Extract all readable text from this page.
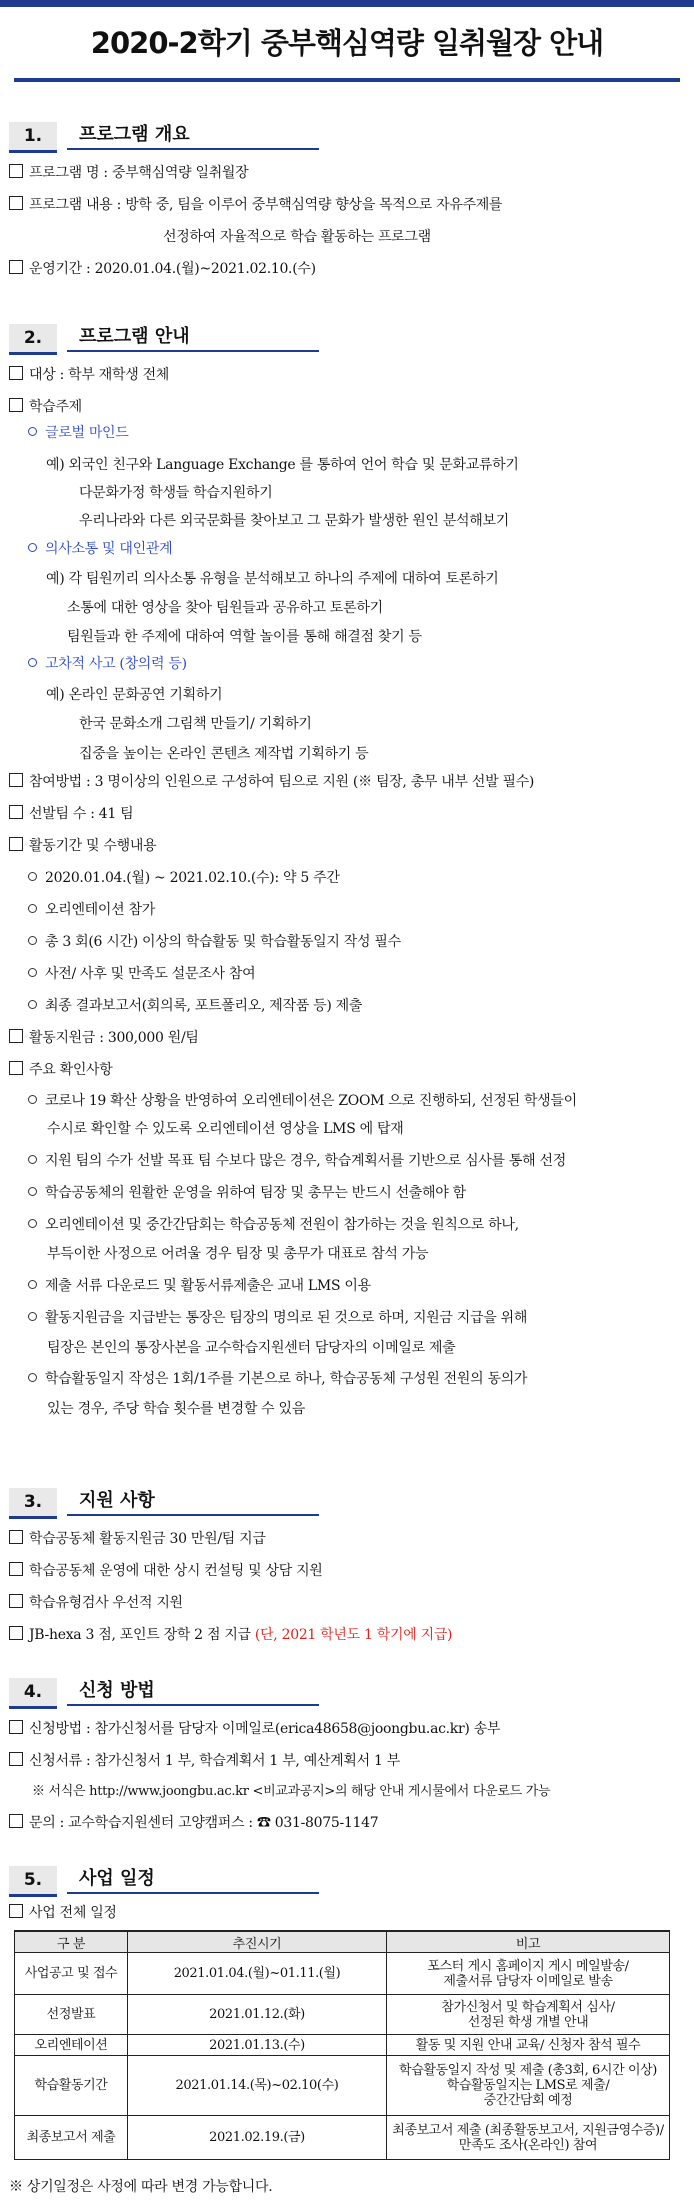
2020-2학기 중부핵심역량 일취월장 안내
1.	프로그램 개요
프로그램 명 : 중부핵심역량 일취월장
프로그램 내용 : 방학 중, 팀을 이루어 중부핵심역량 향상을 목적으로 자유주제를
선정하여 자율적으로 학습 활동하는 프로그램
운영기간 : 2020.01.04.(월)~2021.02.10.(수)
2.	프로그램 안내
대상 : 학부 재학생 전체
학습주제
글로벌 마인드
예) 외국인 친구와 Language Exchange 를 통하여 언어 학습 및 문화교류하기
다문화가정 학생들 학습지원하기
우리나라와 다른 외국문화를 찾아보고 그 문화가 발생한 원인 분석해보기
의사소통 및 대인관계
예) 각 팀원끼리 의사소통 유형을 분석해보고 하나의 주제에 대하여 토론하기
소통에 대한 영상을 찾아 팀원들과 공유하고 토론하기
팀원들과 한 주제에 대하여 역할 놀이를 통해 해결점 찾기 등
고차적 사고 (창의력 등)
예) 온라인 문화공연 기획하기
한국 문화소개 그림책 만들기/ 기획하기
집중을 높이는 온라인 콘텐츠 제작법 기획하기 등
참여방법 : 3 명이상의 인원으로 구성하여 팀으로 지원 (※ 팀장, 총무 내부 선발 필수)
선발팀 수 : 41 팀
활동기간 및 수행내용
2020.01.04.(월) ~ 2021.02.10.(수): 약 5 주간
오리엔테이션 참가
총 3 회(6 시간) 이상의 학습활동 및 학습활동일지 작성 필수
사전/ 사후 및 만족도 설문조사 참여
최종 결과보고서(회의록, 포트폴리오, 제작품 등) 제출
활동지원금 : 300,000 원/팀
주요 확인사항
코로나 19 확산 상황을 반영하여 오리엔테이션은 ZOOM 으로 진행하되, 선정된 학생들이
수시로 확인할 수 있도록 오리엔테이션 영상을 LMS 에 탑재
지원 팀의 수가 선발 목표 팀 수보다 많은 경우, 학습계획서를 기반으로 심사를 통해 선정
학습공동체의 원활한 운영을 위하여 팀장 및 총무는 반드시 선출해야 함
오리엔테이션 및 중간간담회는 학습공동체 전원이 참가하는 것을 원칙으로 하나,
부득이한 사정으로 어려울 경우 팀장 및 총무가 대표로 참석 가능
제출 서류 다운로드 및 활동서류제출은 교내 LMS 이용
활동지원금을 지급받는 통장은 팀장의 명의로 된 것으로 하며, 지원금 지급을 위해
팀장은 본인의 통장사본을 교수학습지원센터 담당자의 이메일로 제출
학습활동일지 작성은 1회/1주를 기본으로 하나, 학습공동체 구성원 전원의 동의가
있는 경우, 주당 학습 횟수를 변경할 수 있음
3.	지원 사항
학습공동체 활동지원금 30 만원/팀 지급
학습공동체 운영에 대한 상시 컨설팅 및 상담 지원
학습유형검사 우선적 지원
JB-hexa 3 점, 포인트 장학 2 점 지급 (단, 2021 학년도 1 학기에 지급)
4.	신청 방법
신청방법 : 참가신청서를 담당자 이메일로(erica48658@joongbu.ac.kr) 송부
신청서류 : 참가신청서 1 부, 학습계획서 1 부, 예산계획서 1 부
※ 서식은 http://www.joongbu.ac.kr <비교과공지>의 해당 안내 게시물에서 다운로드 가능
문의 : 교수학습지원센터 고양캠퍼스 : ☎ 031-8075-1147
5.	사업 일정
사업 전체 일정
구 분	추진시기	비고
사업공고 및 접수	2021.01.04.(월)~01.11.(월)	포스터 게시 홈페이지 게시 메일발송/
제출서류 담당자 이메일로 발송

선정발표	2021.01.12.(화)	참가신청서 및 학습계획서 심사/
선정된 학생 개별 안내

오리엔테이션	2021.01.13.(수)	활동 및 지원 안내 교육/ 신청자 참석 필수
학습활동기간	2021.01.14.(목)~02.10(수)	학습활동일지 작성 및 제출 (총3회, 6시간 이상)
학습활동일지는 LMS로 제출/
중간간담회 예정

최종보고서 제출	2021.02.19.(금)	최종보고서 제출 (최종활동보고서, 지원금영수증)/
만족도 조사(온라인) 참여
※ 상기일정은 사정에 따라 변경 가능합니다.
